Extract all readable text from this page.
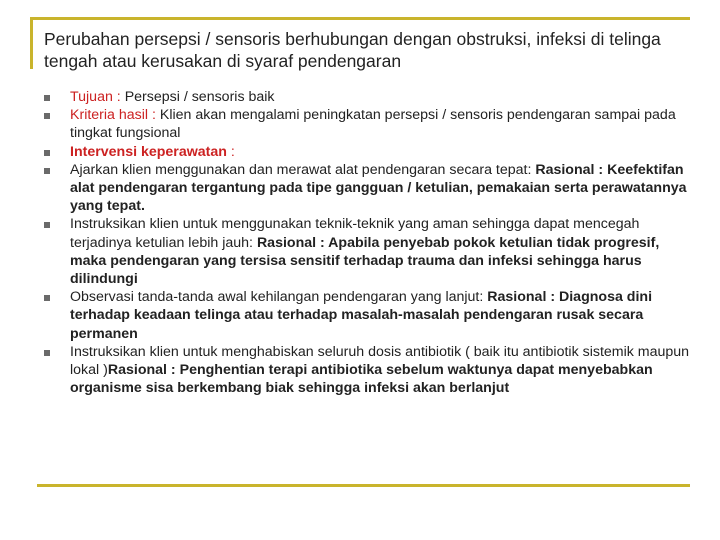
Perubahan persepsi / sensoris berhubungan dengan obstruksi, infeksi di telinga tengah atau kerusakan di syaraf pendengaran
Tujuan : Persepsi / sensoris baik
Kriteria hasil : Klien akan mengalami peningkatan persepsi / sensoris pendengaran sampai pada tingkat fungsional
Intervensi keperawatan :
Ajarkan klien menggunakan dan merawat alat pendengaran secara tepat: Rasional : Keefektifan alat pendengaran tergantung pada tipe gangguan / ketulian, pemakaian serta perawatannya yang tepat.
Instruksikan klien untuk menggunakan teknik-teknik yang aman sehingga dapat mencegah terjadinya ketulian lebih jauh: Rasional : Apabila penyebab pokok ketulian tidak progresif, maka pendengaran yang tersisa sensitif terhadap trauma dan infeksi sehingga harus dilindungi
Observasi tanda-tanda awal kehilangan pendengaran yang lanjut: Rasional : Diagnosa dini terhadap keadaan telinga atau terhadap masalah-masalah pendengaran rusak secara permanen
Instruksikan klien untuk menghabiskan seluruh dosis antibiotik ( baik itu antibiotik sistemik maupun lokal )Rasional : Penghentian terapi antibiotika sebelum waktunya dapat menyebabkan organisme sisa berkembang biak sehingga infeksi akan berlanjut
